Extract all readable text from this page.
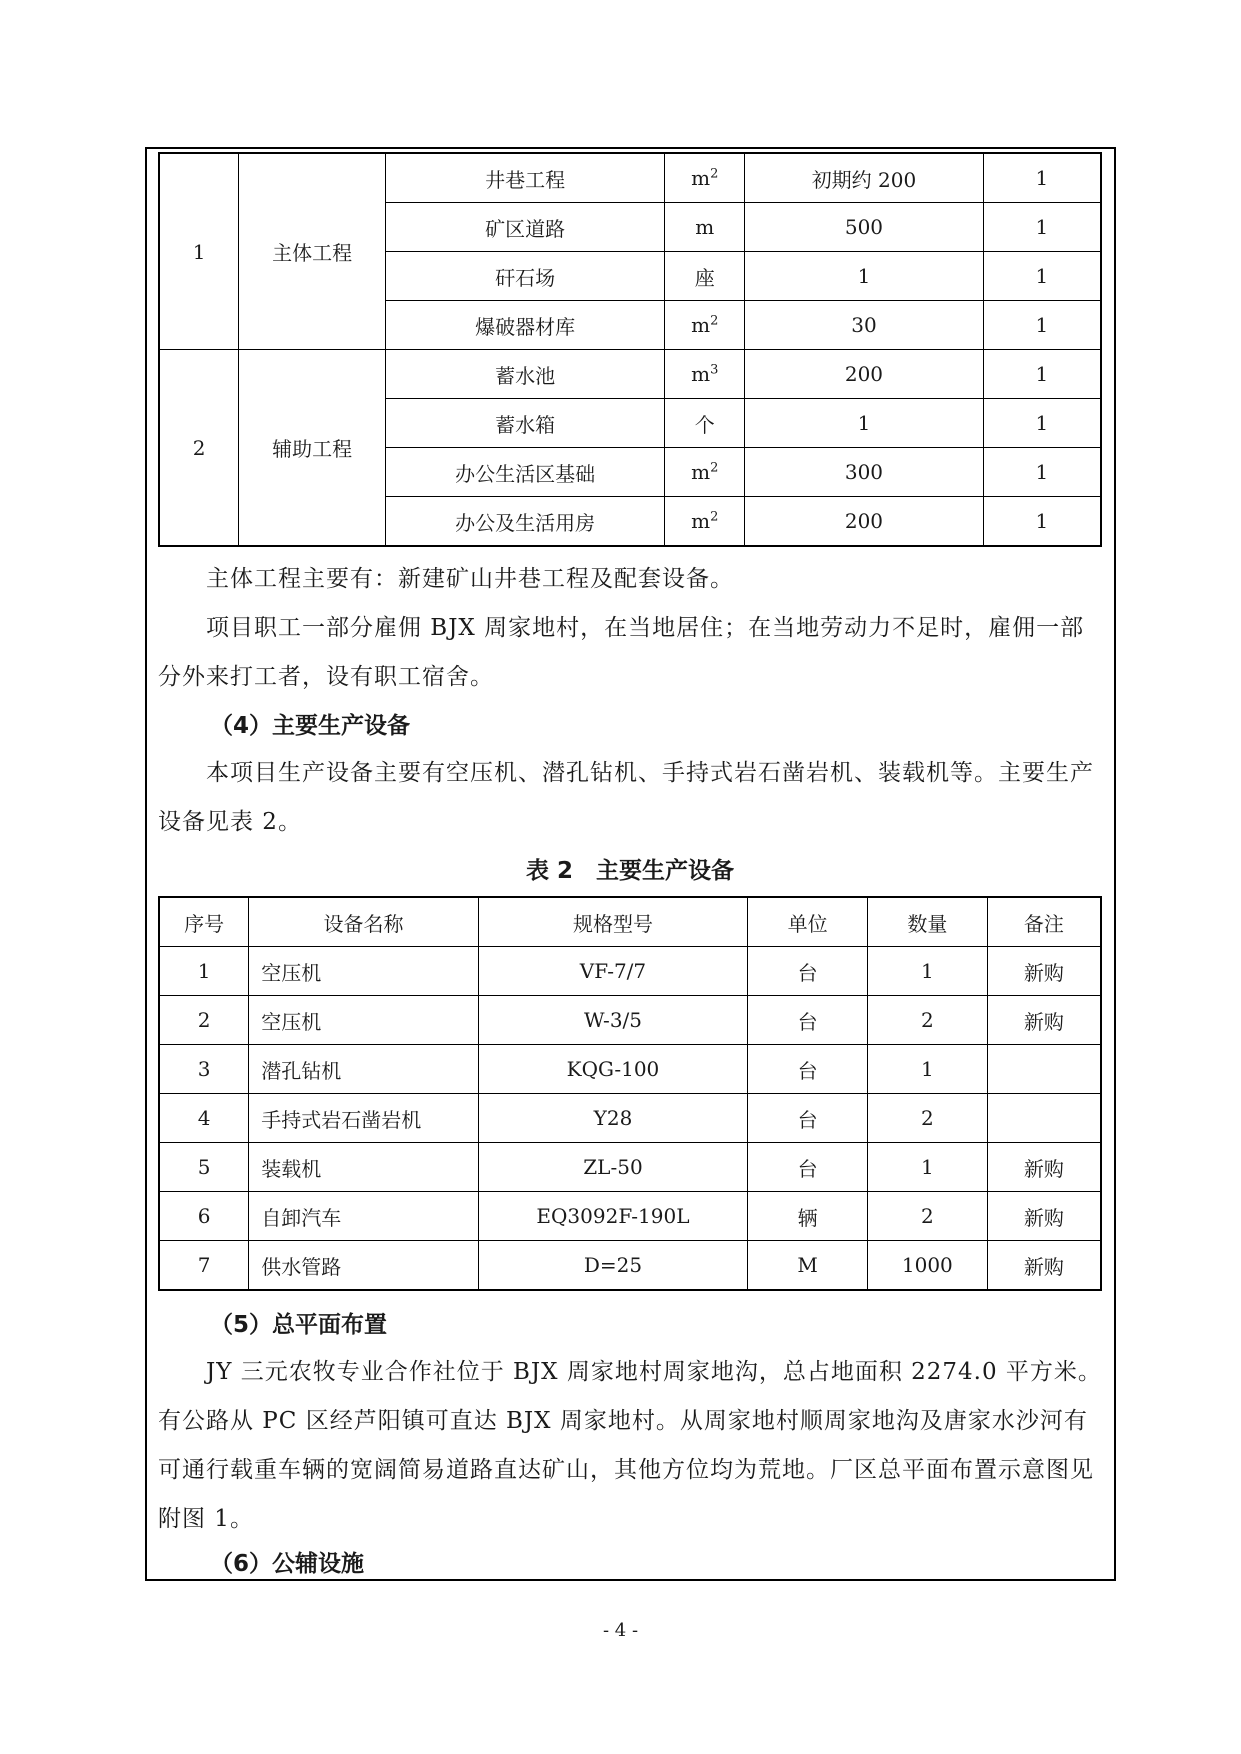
1	主体工程	井巷工程	$m^2$	初期约 200	1
		矿区道路	m	500	1
		矸石场	座	1	1
		爆破器材库	$m^2$	30	1
2	辅助工程	蓄水池	$m^3$	200	1
		蓄水箱	个	1	1
		办公生活区基础	$m^2$	300	1
		办公及生活用房	$m^2$	200	1

主体工程主要有：新建矿山井巷工程及配套设备。

项目职工一部分雇佣 BJX 周家地村，在当地居住；在当地劳动力不足时，雇佣一部分外来打工者，设有职工宿舍。

（4）主要生产设备

本项目生产设备主要有空压机、潜孔钻机、手持式岩石凿岩机、装载机等。主要生产设备见表 2。

表 2　主要生产设备
序号	设备名称	规格型号	单位	数量	备注
1	空压机	VF-7/7	台	1	新购
2	空压机	W-3/5	台	2	新购
3	潜孔钻机	KQG-100	台	1	
4	手持式岩石凿岩机	Y28	台	2	
5	装载机	ZL-50	台	1	新购
6	自卸汽车	EQ3092F-190L	辆	2	新购
7	供水管路	D=25	M	1000	新购

（5）总平面布置

JY 三元农牧专业合作社位于 BJX 周家地村周家地沟，总占地面积 2274.0 平方米。有公路从 PC 区经芦阳镇可直达 BJX 周家地村。从周家地村顺周家地沟及唐家水沙河有可通行载重车辆的宽阔简易道路直达矿山，其他方位均为荒地。厂区总平面布置示意图见附图 1。

（6）公辅设施

- 4 -
